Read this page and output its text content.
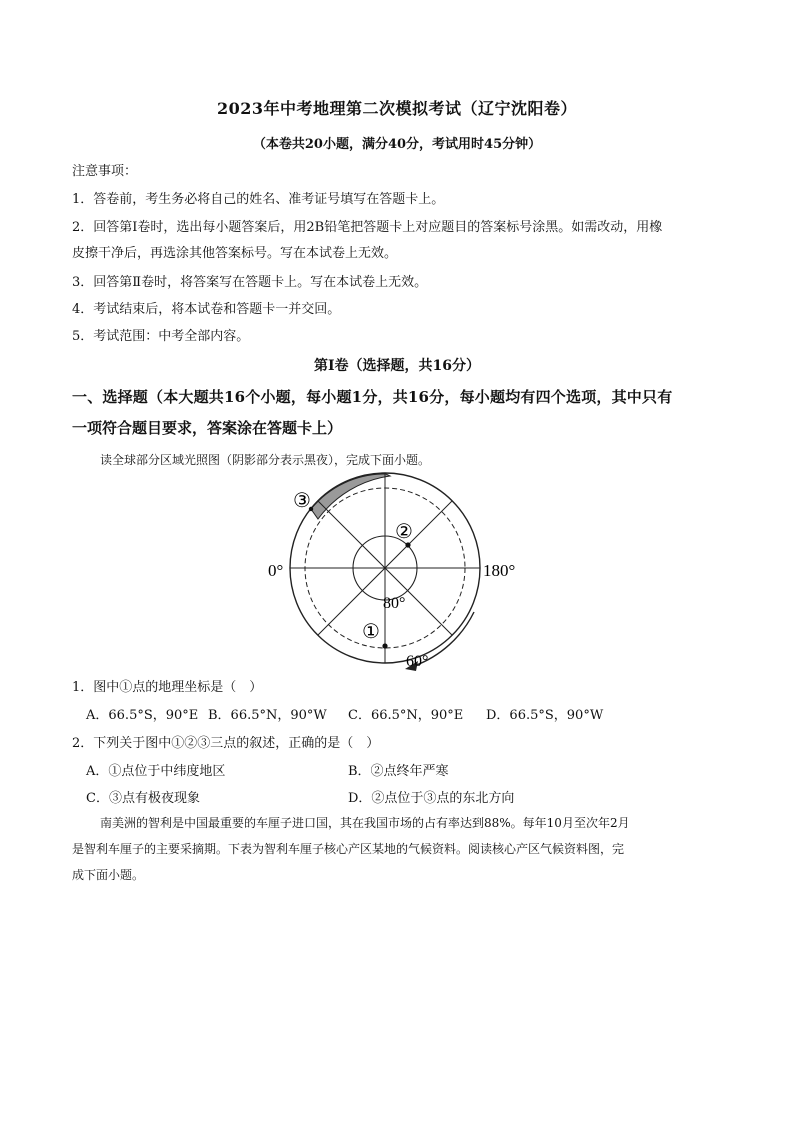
2023年中考地理第二次模拟考试（辽宁沈阳卷）
（本卷共20小题，满分40分，考试用时45分钟）
注意事项：
1．答卷前，考生务必将自己的姓名、准考证号填写在答题卡上。
2．回答第Ⅰ卷时，选出每小题答案后，用2B铅笔把答题卡上对应题目的答案标号涂黑。如需改动，用橡
皮擦干净后，再选涂其他答案标号。写在本试卷上无效。
3．回答第Ⅱ卷时，将答案写在答题卡上。写在本试卷上无效。
4．考试结束后，将本试卷和答题卡一并交回。
5．考试范围：中考全部内容。
第Ⅰ卷（选择题，共16分）
一、选择题（本大题共16个小题，每小题1分，共16分，每小题均有四个选项，其中只有
一项符合题目要求，答案涂在答题卡上）
读全球部分区域光照图（阴影部分表示黑夜），完成下面小题。
0°	180°
80°
60°
①
②
③
1．图中①点的地理坐标是（　）
A．66.5°S，90°E B．66.5°N，90°W C．66.5°N，90°E D．66.5°S，90°W
2．下列关于图中①②③三点的叙述，正确的是（　）
A．①点位于中纬度地区	B．②点终年严寒
C．③点有极夜现象	D．②点位于③点的东北方向
南美洲的智利是中国最重要的车厘子进口国，其在我国市场的占有率达到88%。每年10月至次年2月
是智利车厘子的主要采摘期。下表为智利车厘子核心产区某地的气候资料。阅读核心产区气候资料图，完
成下面小题。
